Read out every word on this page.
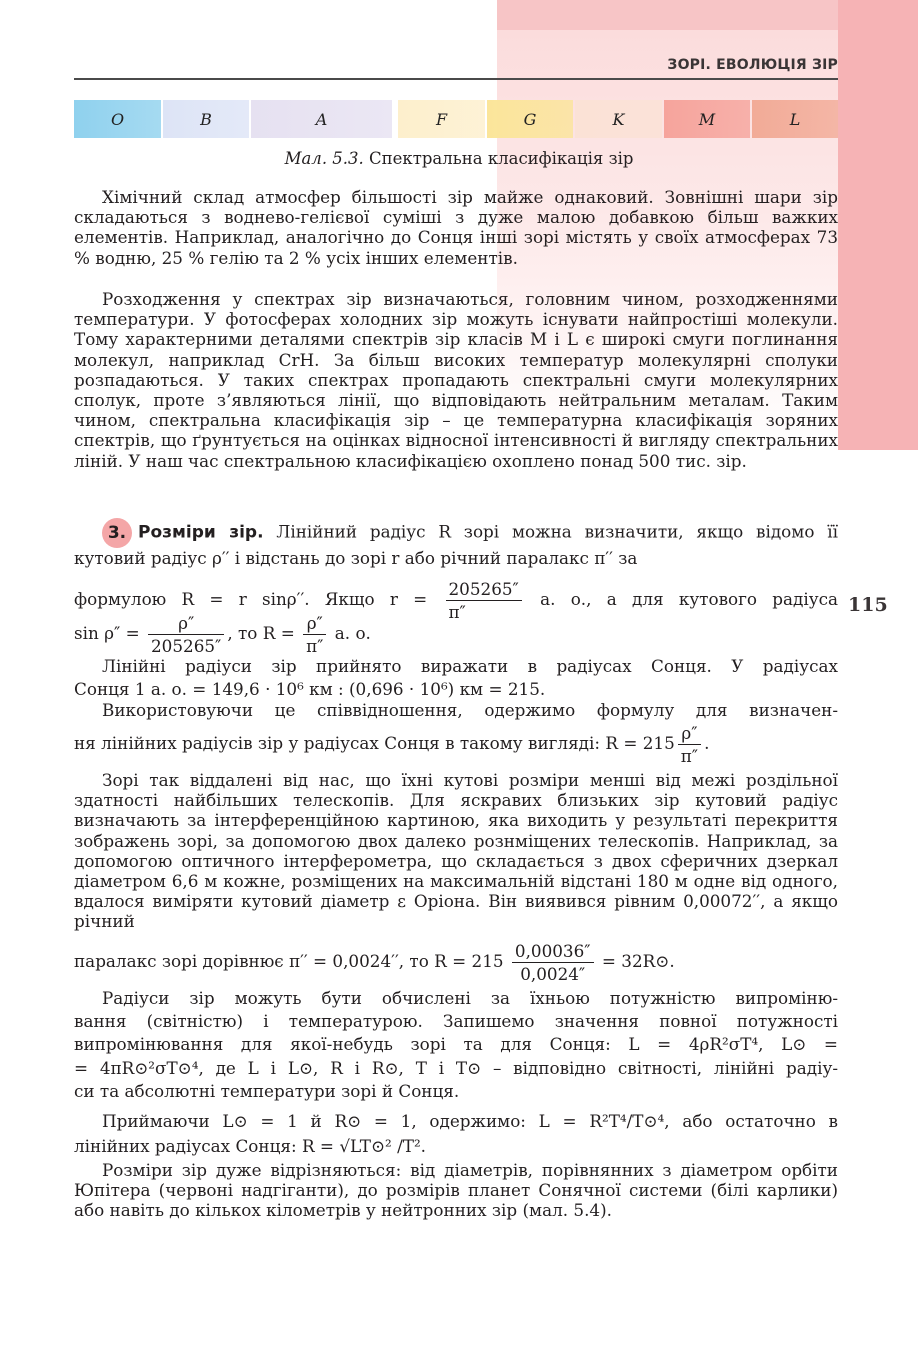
ЗОРІ. ЕВОЛЮЦІЯ ЗІР
O	B	A	F	G	K	M	L
Мал. 5.3. Спектральна класифікація зір

Хімічний склад атмосфер більшості зір майже однаковий. Зовнішні шари зір складаються з воднево-гелієвої суміші з дуже малою добавкою більш важких елементів. Наприклад, аналогічно до Сонця інші зорі містять у своїх атмосферах 73 % водню, 25 % гелію та 2 % усіх інших елементів.

Розходження у спектрах зір визначаються, головним чином, розходженнями температури. У фотосферах холодних зір можуть існувати найпростіші молекули. Тому характерними деталями спектрів зір класів M і L є широкі смуги поглинання молекул, наприклад CrH. За більш високих температур молекулярні сполуки розпадаються. У таких спектрах пропадають спектральні смуги молекулярних сполук, проте з’являються лінії, що відповідають нейтральним металам. Таким чином, спектральна класифікація зір – це температурна класифікація зоряних спектрів, що ґрунтується на оцінках відносної інтенсивності й вигляду спектральних ліній. У наш час спектральною класифікацією охоплено понад 500 тис. зір.

3. Розміри зір. Лінійний радіус R зорі можна визначити, якщо відомо її кутовий радіус ρ′′ і відстань до зорі r або річний паралакс π′′ за

формулою R = r sinρ′′. Якщо $r = \frac{205265''}{\pi''} а$. о., а для кутового радіуса
$\sin \rho'' = \frac{\rho''}{205265''}$ , то $R = \frac{\rho''}{\pi''} а$. о.
115
Лінійні радіуси зір прийнято виражати в радіусах Сонця. У радіусах
Сонця 1 а. о. = 149,6 · 10⁶ км : (0,696 · 10⁶) км = 215.
Використовуючи це співвідношення, одержимо формулу для визначен-
ня лінійних радіусів зір у радіусах Сонця в такому вигляді: $R = 215 \frac{\rho''}{\pi''}$ .

Зорі так віддалені від нас, що їхні кутові розміри менші від межі роздільної здатності найбільших телескопів. Для яскравих близьких зір кутовий радіус визначають за інтерференційною картиною, яка виходить у результаті перекриття зображень зорі, за допомогою двох далеко рознміщених телескопів. Наприклад, за допомогою оптичного інтерферометра, що складається з двох сферичних дзеркал діаметром 6,6 м кожне, розміщених на максимальній відстані 180 м одне від одного, вдалося виміряти кутовий діаметр ε Оріона. Він виявився рівним 0,00072′′, а якщо річний

паралакс зорі дорівнює π′′ = 0,0024′′, то $R = 215 \frac{0,00036''}{0,0024''}$ = 32R⊙.
Радіуси зір можуть бути обчислені за їхньою потужністю випроміню-
вання (світністю) і температурою. Запишемо значення повної потужності
випромінювання для якої-небудь зорі та для Сонця: L = 4ρR²σT⁴, L⊙ =
= 4πR⊙²σT⊙⁴, де L і L⊙, R і R⊙, T і T⊙ – відповідно світності, лінійні радіу-
си та абсолютні температури зорі й Сонця.
Приймаючи L⊙ = 1 й R⊙ = 1, одержимо: L = R²T⁴/T⊙⁴, або остаточно в
лінійних радіусах Сонця: R = √LT⊙² /T².

Розміри зір дуже відрізняються: від діаметрів, порівнянних з діаметром орбіти Юпітера (червоні надгіганти), до розмірів планет Сонячної системи (білі карлики) або навіть до кількох кілометрів у нейтронних зір (мал. 5.4).
